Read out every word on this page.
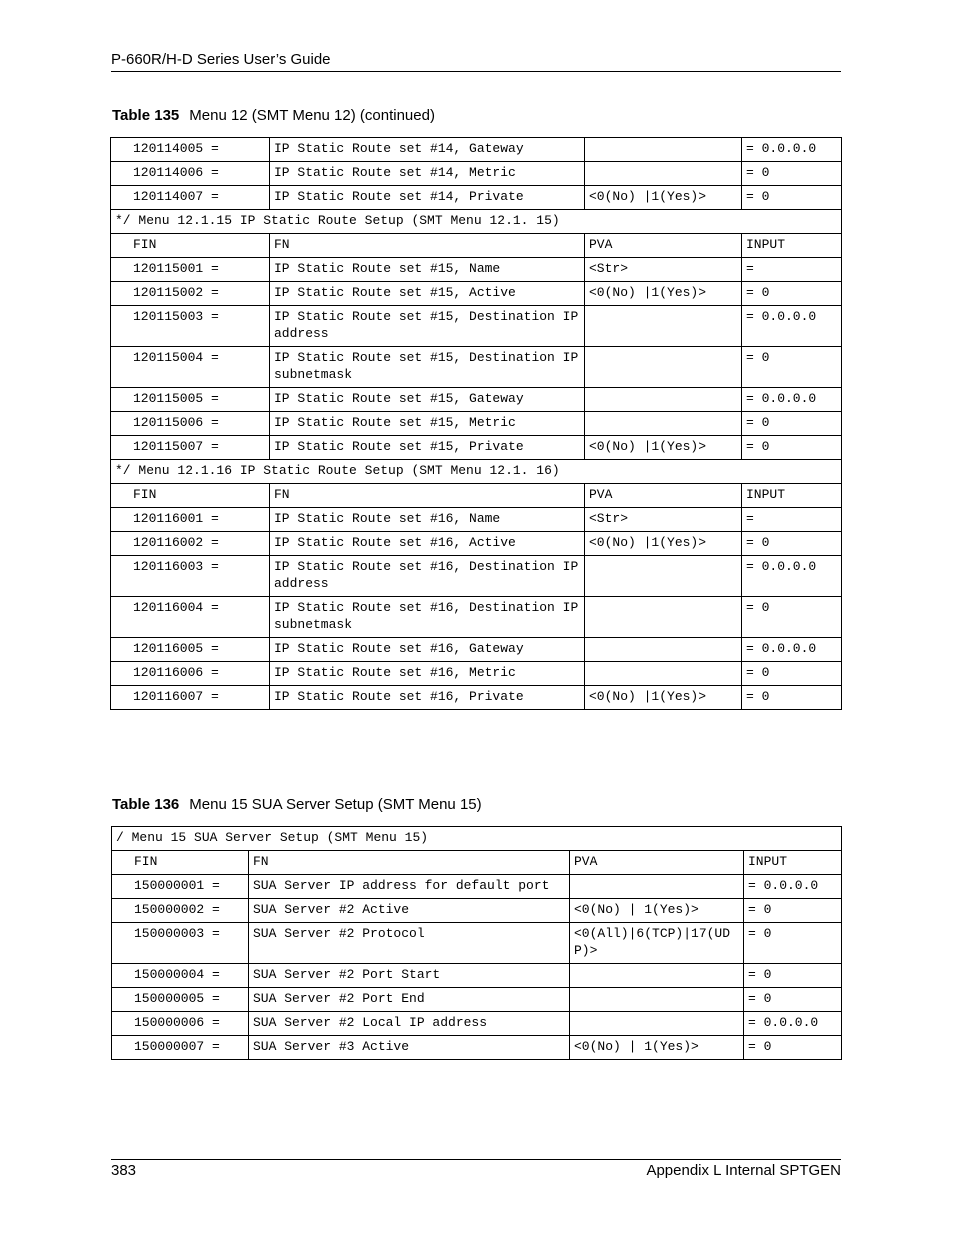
P-660R/H-D Series User’s Guide
Table 135 Menu 12 (SMT Menu 12) (continued)
120114005 =	IP Static Route set #14, Gateway		= 0.0.0.0
120114006 =	IP Static Route set #14, Metric		= 0
120114007 =	IP Static Route set #14, Private	<0(No) |1(Yes)>	= 0
*/ Menu 12.1.15 IP Static Route Setup (SMT Menu 12.1. 15)			
FIN	FN	PVA	INPUT
120115001 =	IP Static Route set #15, Name	<Str>	=
120115002 =	IP Static Route set #15, Active	<0(No) |1(Yes)>	= 0
120115003 =	IP Static Route set #15, Destination IP address		= 0.0.0.0
120115004 =	IP Static Route set #15, Destination IP subnetmask		= 0
120115005 =	IP Static Route set #15, Gateway		= 0.0.0.0
120115006 =	IP Static Route set #15, Metric		= 0
120115007 =	IP Static Route set #15, Private	<0(No) |1(Yes)>	= 0
*/ Menu 12.1.16 IP Static Route Setup (SMT Menu 12.1. 16)			
FIN	FN	PVA	INPUT
120116001 =	IP Static Route set #16, Name	<Str>	=
120116002 =	IP Static Route set #16, Active	<0(No) |1(Yes)>	= 0
120116003 =	IP Static Route set #16, Destination IP address		= 0.0.0.0
120116004 =	IP Static Route set #16, Destination IP subnetmask		= 0
120116005 =	IP Static Route set #16, Gateway		= 0.0.0.0
120116006 =	IP Static Route set #16, Metric		= 0
120116007 =	IP Static Route set #16, Private	<0(No) |1(Yes)>	= 0
Table 136 Menu 15 SUA Server Setup (SMT Menu 15)
/ Menu 15 SUA Server Setup (SMT Menu 15)			
FIN	FN	PVA	INPUT
150000001 =	SUA Server IP address for default port		= 0.0.0.0
150000002 =	SUA Server #2 Active	<0(No) | 1(Yes)>	= 0
150000003 =	SUA Server #2 Protocol	<0(All)|6(TCP)|17(UDP)>	= 0
150000004 =	SUA Server #2 Port Start		= 0
150000005 =	SUA Server #2 Port End		= 0
150000006 =	SUA Server #2 Local IP address		= 0.0.0.0
150000007 =	SUA Server #3 Active	<0(No) | 1(Yes)>	= 0
383	Appendix L Internal SPTGEN
